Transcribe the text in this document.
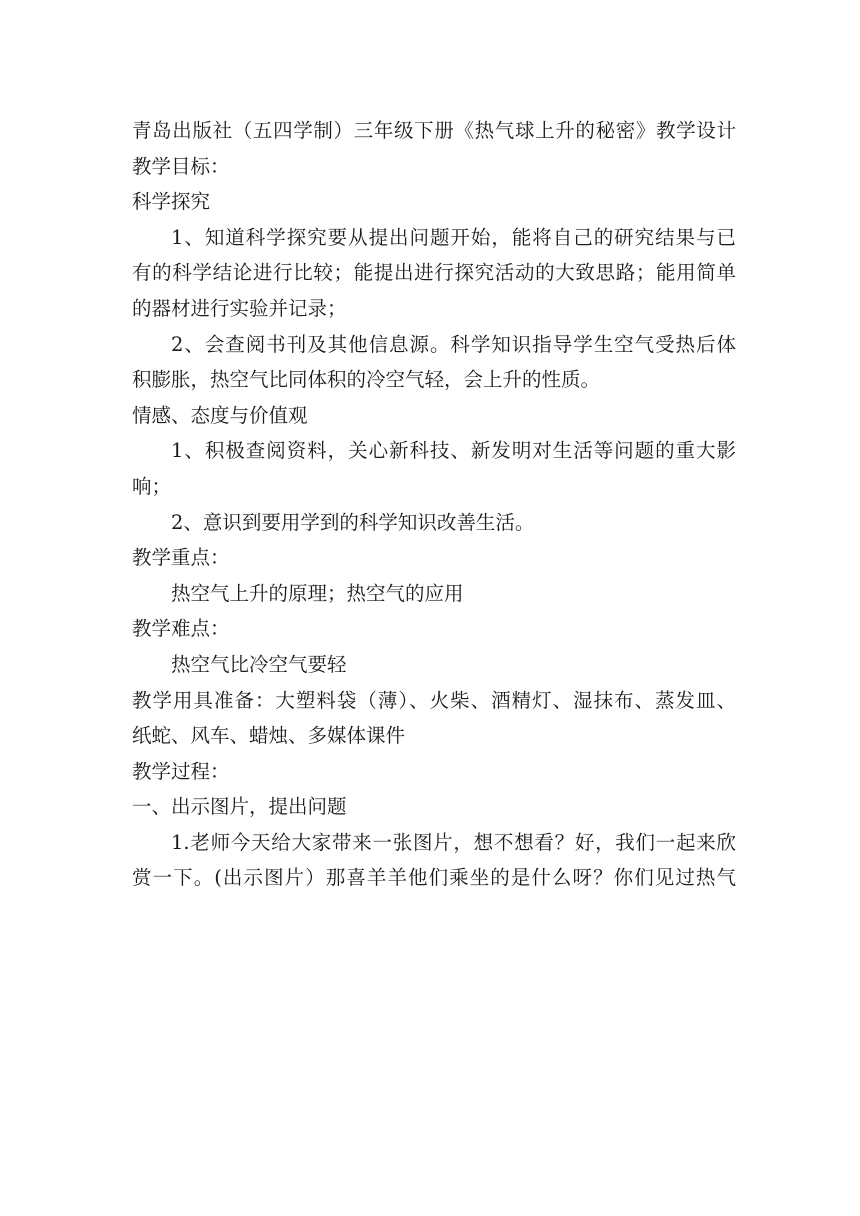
青岛出版社（五四学制）三年级下册《热气球上升的秘密》教学设计
教学目标：
科学探究
1、知道科学探究要从提出问题开始，能将自己的研究结果与已
有的科学结论进行比较；能提出进行探究活动的大致思路；能用简单
的器材进行实验并记录；
2、会查阅书刊及其他信息源。科学知识指导学生空气受热后体
积膨胀，热空气比同体积的冷空气轻，会上升的性质。
情感、态度与价值观
1、积极查阅资料，关心新科技、新发明对生活等问题的重大影
响；
2、意识到要用学到的科学知识改善生活。
教学重点：
热空气上升的原理；热空气的应用
教学难点：
热空气比冷空气要轻
教学用具准备：大塑料袋（薄）、火柴、酒精灯、湿抹布、蒸发皿、
纸蛇、风车、蜡烛、多媒体课件
教学过程：
一、出示图片，提出问题
1.老师今天给大家带来一张图片，想不想看？好，我们一起来欣
赏一下。(出示图片）那喜羊羊他们乘坐的是什么呀？你们见过热气
